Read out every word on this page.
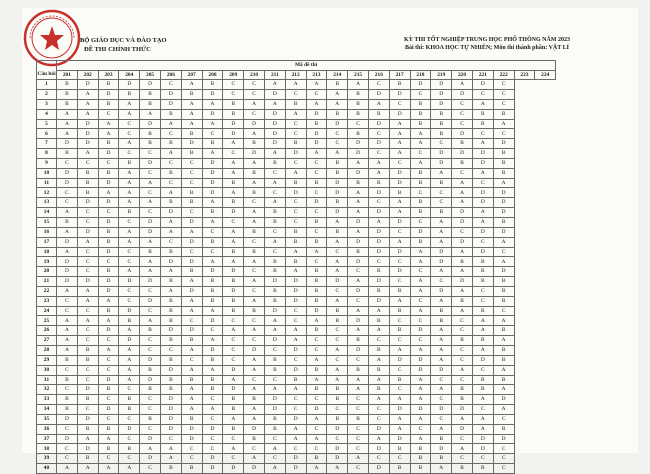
BỘ GIÁO DỤC VÀ ĐÀO TẠO
ĐỀ THI CHÍNH THỨC
KỲ THI TỐT NGHIỆP TRUNG HỌC PHỔ THÔNG NĂM 2023
Bài thi: KHOA HỌC TỰ NHIÊN; Môn thi thành phần: VẬT LÍ
	Mã đề thi																							
Câu hỏi	201	202	203	204	205	206	207	208	209	210	211	212	213	214	215	216	217	218	219	220	221	222	223	224
1	B	D	B	D	D	C	A	B	C	C	A	A	A	B	A	C	B	D	D	A	D	C		
2	B	A	D	B	B	D	B	D	C	C	D	C	C	A	B	D	D	C	D	D	C	C		
3	B	A	B	A	B	D	A	A	B	A	A	B	A	A	B	A	C	B	D	C	A	C		
4	A	A	C	A	A	B	A	D	B	C	D	A	D	B	B	B	D	B	B	C	B	B		
5	A	D	A	C	D	A	A	A	D	D	D	C	B	D	C	D	A	B	B	C	B	A		
6	A	D	A	C	B	C	B	C	D	A	D	C	D	C	B	C	A	A	B	D	C	C		
7	D	D	B	A	B	B	D	B	A	B	D	B	D	C	D	D	A	A	C	B	A	D		
8	B	A	D	C	C	A	B	A	C	D	A	D	A	A	D	C	A	C	D	D	D	B		
9	C	C	C	B	D	C	C	D	A	A	B	C	C	B	A	A	C	A	D	B	D	B		
10	D	B	B	A	C	B	C	D	A	B	C	A	C	B	D	A	D	B	A	C	A	B		
11	D	B	D	A	A	C	C	D	B	A	A	B	B	D	B	B	D	B	B	A	C	A		
12	C	B	A	A	C	A	B	D	A	B	C	D	C	D	A	D	B	C	C	A	D	D		
13	C	D	D	A	A	B	B	A	B	C	A	C	D	B	A	C	A	B	C	A	D	D		
14	A	C	C	B	C	D	C	B	D	A	B	C	C	D	A	D	A	B	B	D	A	D		
15	B	C	D	C	D	A	D	A	C	A	B	C	B	A	D	A	D	C	A	D	A	B		
16	A	D	B	A	D	A	A	C	A	B	C	B	C	B	A	D	C	D	A	C	D	D		
17	D	A	B	A	A	C	D	B	A	C	A	B	B	A	D	D	A	B	A	D	C	A		
18	A	C	D	C	B	B	C	C	B	B	C	A	A	C	B	D	D	A	D	A	D	C		
19	D	C	C	C	A	D	D	A	A	A	B	B	C	A	D	C	C	A	D	B	B	A		
20	D	C	B	A	A	A	B	D	D	C	B	A	B	A	C	B	D	C	A	A	B	D		
21	D	D	D	D	D	B	A	B	B	A	D	D	B	D	A	D	C	A	C	D	B	B		
22	A	A	D	C	C	A	D	B	D	C	B	D	B	C	D	B	B	A	D	A	C	B		
23	C	A	A	C	D	B	A	B	B	A	B	D	B	A	C	D	A	C	A	B	C	B		
24	C	C	B	D	C	B	A	A	B	B	D	C	D	B	A	A	B	A	B	A	B	C		
25	A	A	A	B	A	B	C	D	C	C	A	C	A	B	D	B	C	C	B	C	A	A		
26	A	C	D	A	B	D	D	C	A	A	A	A	B	C	A	A	B	D	A	C	A	B		
27	A	C	C	D	C	B	B	A	C	C	D	A	C	C	B	C	C	C	A	B	B	A		
28	A	B	A	A	C	C	A	D	C	D	C	D	C	A	D	B	A	A	A	C	A	B		
29	B	B	C	A	D	B	C	B	C	A	B	C	A	C	C	A	D	D	A	C	D	B		
30	C	C	C	A	B	D	A	A	D	A	B	D	B	A	B	B	C	D	D	A	C	A		
31	B	C	D	A	D	B	B	B	A	C	C	B	A	A	A	A	B	A	C	C	B	B		
32	C	D	B	C	B	B	A	B	D	A	A	A	B	B	A	B	C	A	A	B	B	A		
33	B	B	C	B	C	D	A	C	B	B	D	C	C	B	C	A	A	A	C	B	A	D		
34	B	C	D	B	C	D	A	A	B	A	D	C	D	C	C	C	D	D	D	D	C	A		
35	D	D	C	C	B	D	B	C	A	A	B	D	A	B	B	C	A	A	C	A	A	C		
36	C	B	B	D	C	D	D	D	B	D	B	A	C	D	C	D	A	C	A	D	A	B		
37	D	A	A	C	D	C	D	C	C	B	C	A	A	C	C	A	D	A	B	C	D	D		
38	C	D	B	B	A	A	C	C	A	C	A	C	C	D	C	D	B	B	D	A	D	C		
39	C	B	C	C	D	A	C	D	C	A	C	D	B	D	A	C	C	B	B	C	C	C		
40	A	A	A	A	C	B	B	D	D	D	A	D	A	A	C	D	B	B	A	B	B	C		
